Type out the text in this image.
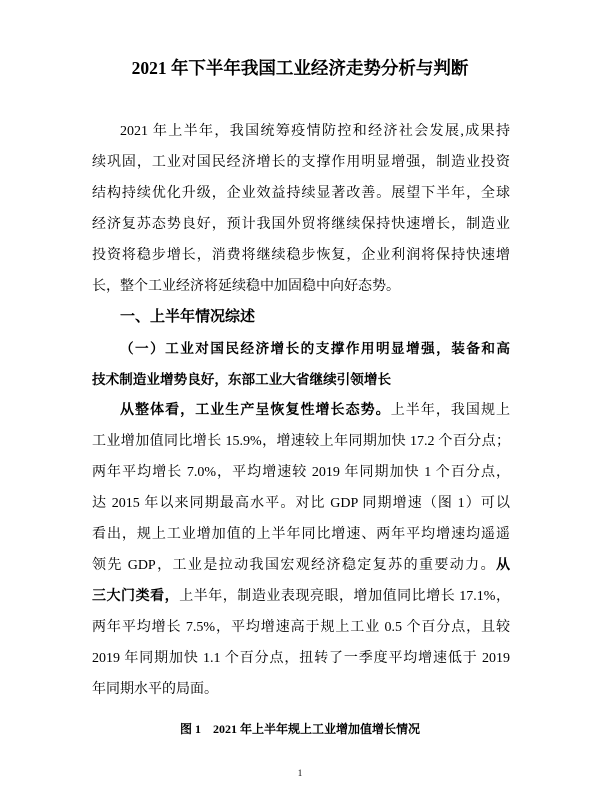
2021 年下半年我国工业经济走势分析与判断
2021 年上半年，我国统筹疫情防控和经济社会发展,成果持
续巩固，工业对国民经济增长的支撑作用明显增强，制造业投资
结构持续优化升级，企业效益持续显著改善。展望下半年，全球
经济复苏态势良好，预计我国外贸将继续保持快速增长，制造业
投资将稳步增长，消费将继续稳步恢复，企业利润将保持快速增
长，整个工业经济将延续稳中加固稳中向好态势。
一、上半年情况综述
（一）工业对国民经济增长的支撑作用明显增强，装备和高
技术制造业增势良好，东部工业大省继续引领增长
从整体看，工业生产呈恢复性增长态势。上半年，我国规上
工业增加值同比增长 15.9%，增速较上年同期加快 17.2 个百分点；
两年平均增长 7.0%，平均增速较 2019 年同期加快 1 个百分点，
达 2015 年以来同期最高水平。对比 GDP 同期增速（图 1）可以
看出，规上工业增加值的上半年同比增速、两年平均增速均遥遥
领先 GDP，工业是拉动我国宏观经济稳定复苏的重要动力。从
三大门类看，上半年，制造业表现亮眼，增加值同比增长 17.1%，
两年平均增长 7.5%，平均增速高于规上工业 0.5 个百分点，且较
2019 年同期加快 1.1 个百分点，扭转了一季度平均增速低于 2019
年同期水平的局面。
图 1　2021 年上半年规上工业增加值增长情况
1
